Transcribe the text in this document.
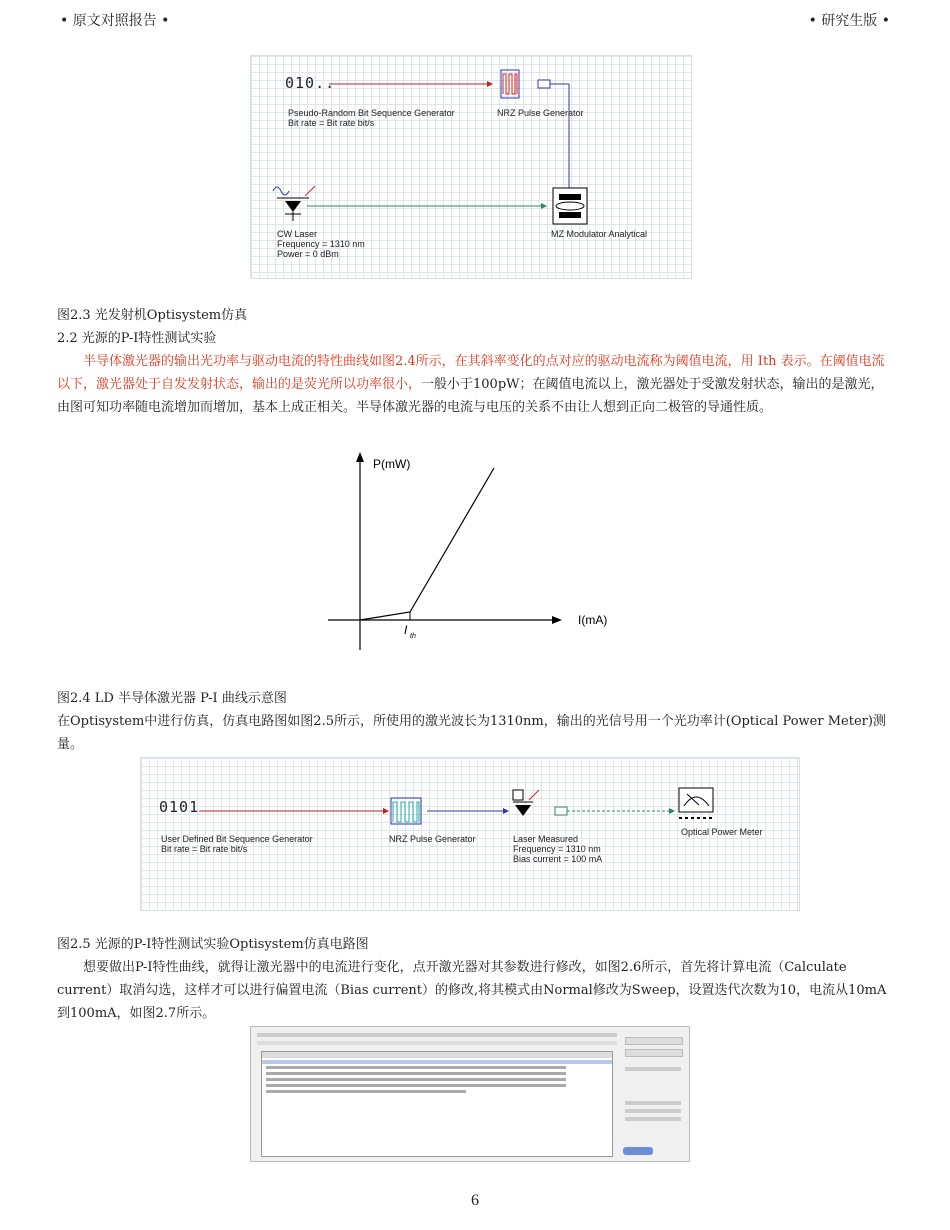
• 原文对照报告 •	• 研究生版 •
010..
Pseudo-Random Bit Sequence Generator
Bit rate = Bit rate bit/s
NRZ Pulse Generator
CW Laser
Frequency = 1310 nm
Power = 0 dBm
MZ Modulator Analytical
图2.3 光发射机Optisystem仿真
2.2 光源的P-I特性测试实验
半导体激光器的输出光功率与驱动电流的特性曲线如图2.4所示，在其斜率变化的点对应的驱动电流称为阈值电流，用 Ith 表示。在阈值电流以下，激光器处于自发发射状态，输出的是荧光所以功率很小，一般小于100pW；在阈值电流以上，激光器处于受激发射状态，输出的是激光，由图可知功率随电流增加而增加，基本上成正相关。半导体激光器的电流与电压的关系不由让人想到正向二极管的导通性质。
P(mW)
I(mA)
I th
图2.4 LD 半导体激光器 P-I 曲线示意图
在Optisystem中进行仿真，仿真电路图如图2.5所示，所使用的激光波长为1310nm，输出的光信号用一个光功率计(Optical Power Meter)测量。
0101
User Defined Bit Sequence Generator
Bit rate = Bit rate bit/s
NRZ Pulse Generator	Laser Measured
Frequency = 1310 nm
Bias current = 100 mA
Optical Power Meter
图2.5 光源的P-I特性测试实验Optisystem仿真电路图
想要做出P-I特性曲线，就得让激光器中的电流进行变化，点开激光器对其参数进行修改，如图2.6所示，首先将计算电流（Calculate current）取消勾选，这样才可以进行偏置电流（Bias current）的修改,将其模式由Normal修改为Sweep，设置迭代次数为10，电流从10mA到100mA，如图2.7所示。
6
